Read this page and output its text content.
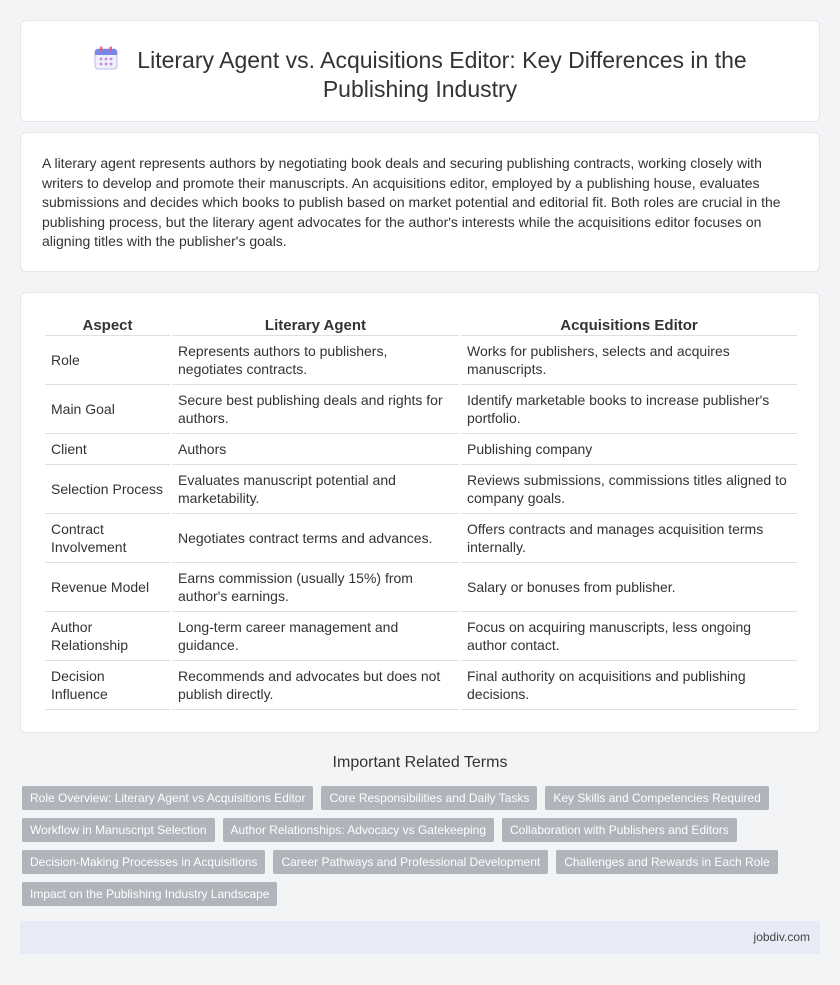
Literary Agent vs. Acquisitions Editor: Key Differences in the Publishing Industry

A literary agent represents authors by negotiating book deals and securing publishing contracts, working closely with writers to develop and promote their manuscripts. An acquisitions editor, employed by a publishing house, evaluates submissions and decides which books to publish based on market potential and editorial fit. Both roles are crucial in the publishing process, but the literary agent advocates for the author's interests while the acquisitions editor focuses on aligning titles with the publisher's goals.

Aspect	Literary Agent	Acquisitions Editor
Role	Represents authors to publishers, negotiates contracts.	Works for publishers, selects and acquires manuscripts.
Main Goal	Secure best publishing deals and rights for authors.	Identify marketable books to increase publisher's portfolio.
Client	Authors	Publishing company
Selection Process	Evaluates manuscript potential and marketability.	Reviews submissions, commissions titles aligned to company goals.
Contract Involvement	Negotiates contract terms and advances.	Offers contracts and manages acquisition terms internally.
Revenue Model	Earns commission (usually 15%) from author's earnings.	Salary or bonuses from publisher.
Author Relationship	Long-term career management and guidance.	Focus on acquiring manuscripts, less ongoing author contact.
Decision Influence	Recommends and advocates but does not publish directly.	Final authority on acquisitions and publishing decisions.
Important Related Terms
Role Overview: Literary Agent vs Acquisitions Editor	Core Responsibilities and Daily Tasks	Key Skills and Competencies Required
Workflow in Manuscript Selection	Author Relationships: Advocacy vs Gatekeeping	Collaboration with Publishers and Editors
Decision-Making Processes in Acquisitions	Career Pathways and Professional Development	Challenges and Rewards in Each Role
Impact on the Publishing Industry Landscape
jobdiv.com
